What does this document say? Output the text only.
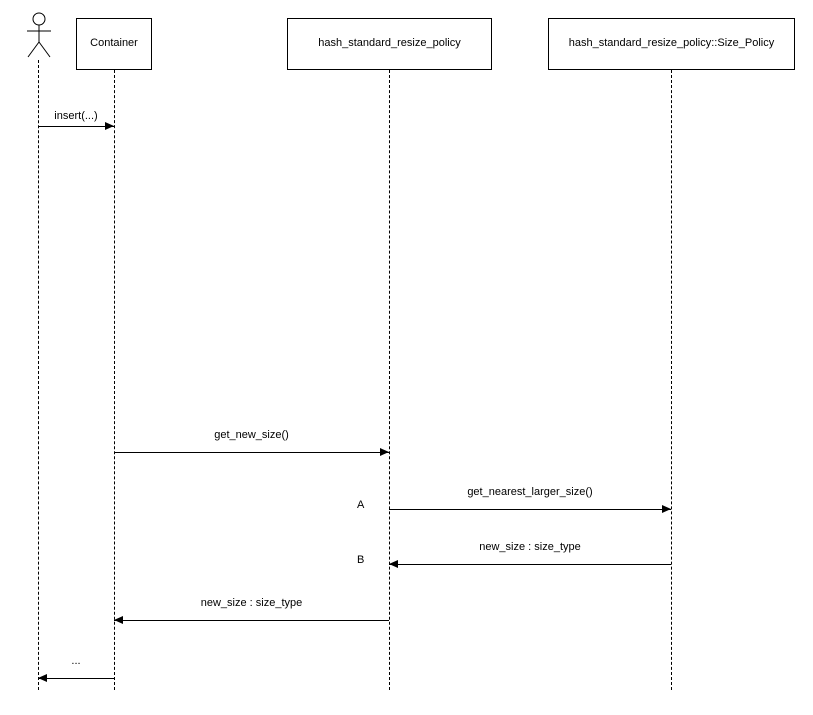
Container	hash_standard_resize_policy	hash_standard_resize_policy::Size_Policy
insert(...)
get_new_size()
A
get_nearest_larger_size()
B
new_size : size_type
new_size : size_type
...
